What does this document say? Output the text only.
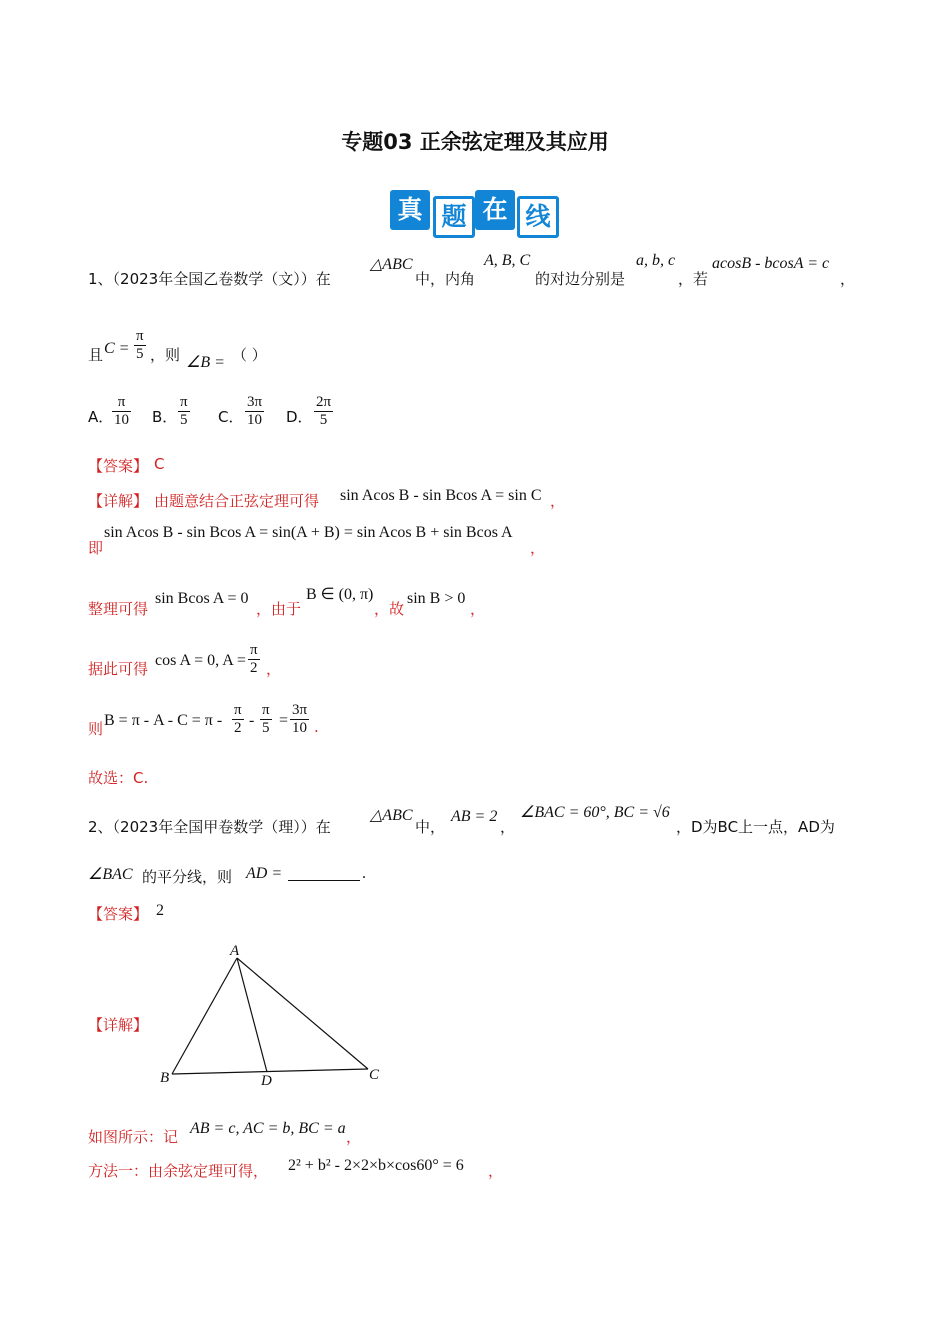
专题03 正余弦定理及其应用
真 题 在 线
1、（2023年全国乙卷数学（文））在
△ABC
中，内角
A, B, C
的对边分别是
a, b, c
，若
acosB - bcosA = c
，
且 $C = \frac{\pi}{5}$ ，则 ∠B = （ ）
A．
$\frac{\pi}{10}$ B． $\frac{\pi}{5}$ C． $\frac{3\pi}{10}$ D． $\frac{2\pi}{5}$
【答案】 C
【详解】 由题意结合正弦定理可得 sin Acos B - sin Bcos A = sin C ，
即
sin Acos B - sin Bcos A = sin(A + B) = sin Acos B + sin Bcos A
，
整理可得
sin Bcos A = 0
，由于
B ∈ (0, π)
，故
sin B > 0
，
据此可得 cos A = 0, $A = \frac{\pi}{2}$ ，
则 $B = \pi - A - C = \pi - \frac{\pi}{2} - \frac{\pi}{5} = \frac{3\pi}{10}$ .
故选：C.
2、（2023年全国甲卷数学（理））在
△ABC
中，
AB = 2
，
∠BAC = 60°, BC = √6
，D为BC上一点，AD为
∠BAC 的平分线，则 AD =	.
【答案】 2
【详解】
A
B	D	C
如图所示：记 AB = c, AC = b, BC = a ，
方法一：由余弦定理可得， 2² + b² - 2×2×b×cos60° = 6 ，
